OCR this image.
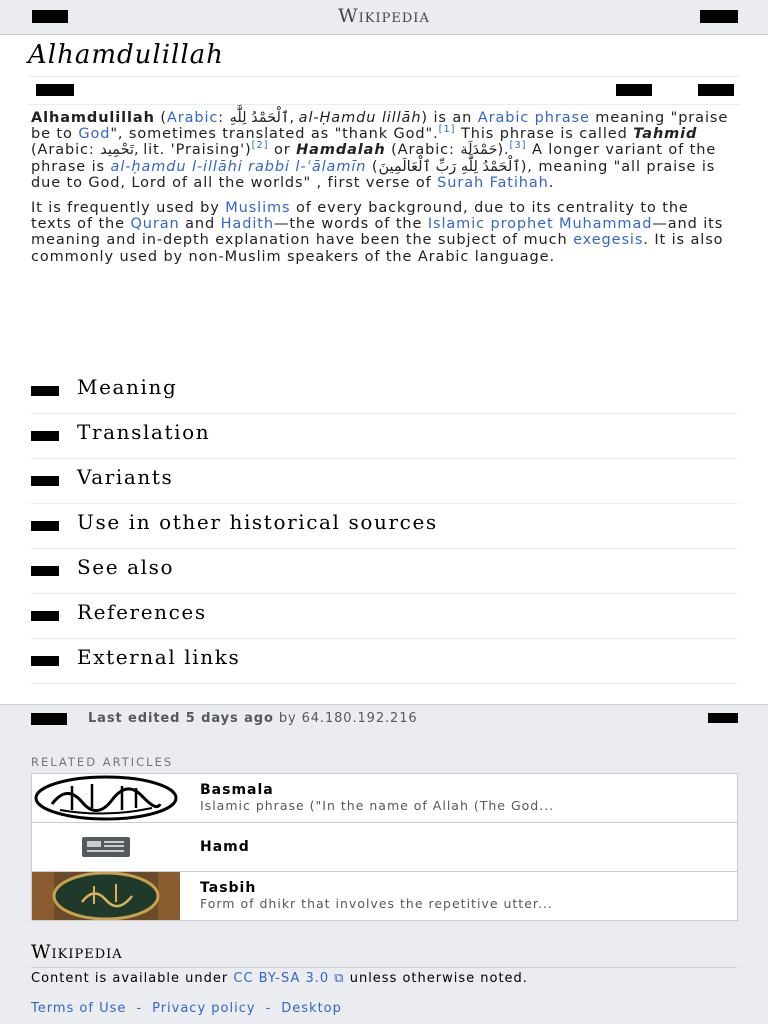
Wikipedia
Alhamdulillah

Alhamdulillah (Arabic: ٱلْحَمْدُ لِلَّٰهِ, al-Ḥamdu lillāh) is an Arabic phrase meaning "praise be to God", sometimes translated as "thank God".[1] This phrase is called Tahmid (Arabic: تَحْمِيد, lit. 'Praising')[2] or Hamdalah (Arabic: حَمْدَلَة).[3] A longer variant of the phrase is al-ḥamdu l-illāhi rabbi l-ʿālamīn (ٱلْحَمْدُ لِلَّٰهِ رَبِّ ٱلْعَالَمِينَ), meaning "all praise is due to God, Lord of all the worlds" , first verse of Surah Fatihah.

It is frequently used by Muslims of every background, due to its centrality to the texts of the Quran and Hadith—the words of the Islamic prophet Muhammad—and its meaning and in-depth explanation have been the subject of much exegesis. It is also commonly used by non-Muslim speakers of the Arabic language.

Meaning
Translation
Variants
Use in other historical sources
See also
References
External links
Last edited 5 days ago by 64.180.192.216
RELATED ARTICLES
Basmala
Islamic phrase ("In the name of Allah (The God...
Hamd
Tasbih
Form of dhikr that involves the repetitive utter...
Wikipedia
Content is available under CC BY-SA 3.0 ⧉ unless otherwise noted.
Terms of Use - Privacy policy - Desktop
